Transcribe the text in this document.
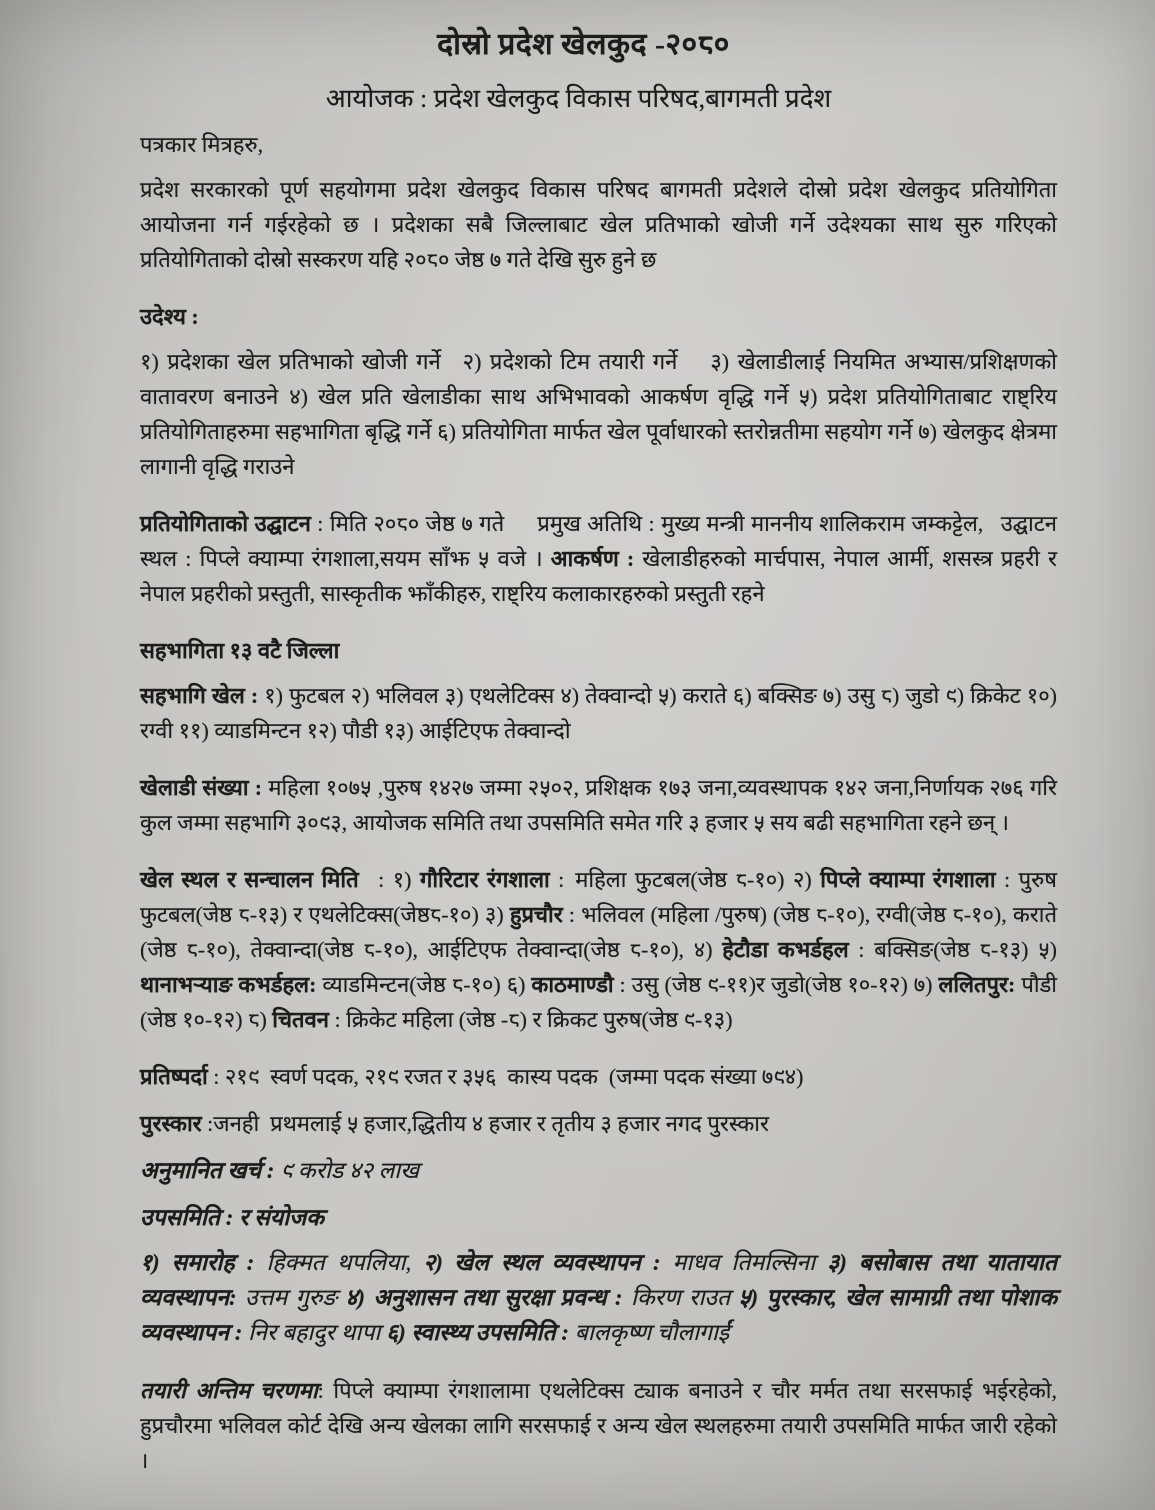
दोस्रो प्रदेश खेलकुद -२०८०
आयोजक : प्रदेश खेलकुद विकास परिषद,बागमती प्रदेश
पत्रकार मित्रहरु,

प्रदेश सरकारको पूर्ण सहयोगमा प्रदेश खेलकुद विकास परिषद बागमती प्रदेशले दोस्रो प्रदेश खेलकुद प्रतियोगिता आयोजना गर्न गईरहेको छ । प्रदेशका सबै जिल्लाबाट खेल प्रतिभाको खोजी गर्ने उदेश्यका साथ सुरु गरिएको प्रतियोगिताको दोस्रो सस्करण यहि २०८० जेष्ठ ७ गते देखि सुरु हुने छ

उदेश्य :

१) प्रदेशका खेल प्रतिभाको खोजी गर्ने २) प्रदेशको टिम तयारी गर्ने  ३) खेलाडीलाई नियमित अभ्यास/प्रशिक्षणको वातावरण बनाउने ४) खेल प्रति खेलाडीका साथ अभिभावको आकर्षण वृद्धि गर्ने ५) प्रदेश प्रतियोगिताबाट राष्ट्रिय प्रतियोगिताहरुमा सहभागिता बृद्धि गर्ने ६) प्रतियोगिता मार्फत खेल पूर्वाधारको स्तरोन्नतीमा सहयोग गर्ने ७) खेलकुद क्षेत्रमा लागानी वृद्धि गराउने

प्रतियोगिताको उद्घाटन : मिति २०८० जेष्ठ ७ गते  प्रमुख अतिथि : मुख्य मन्त्री माननीय शालिकराम जम्कट्टेल,  उद्घाटन स्थल : पिप्ले क्याम्पा रंगशाला,सयम साँझ ५ वजे । आकर्षण : खेलाडीहरुको मार्चपास, नेपाल आर्मी, शसस्त्र प्रहरी र नेपाल प्रहरीको प्रस्तुती, सास्कृतीक झाँकीहरु, राष्ट्रिय कलाकारहरुको प्रस्तुती रहने

सहभागिता १३ वटै जिल्ला

सहभागि खेल : १) फुटबल २) भलिवल ३) एथलेटिक्स ४) तेक्वान्दो ५) कराते ६) बक्सिङ ७) उसु ८) जुडो ९) क्रिकेट १०) रग्वी ११) व्याडमिन्टन १२) पौडी १३) आईटिएफ तेक्वान्दो

खेलाडी संख्या : महिला १०७५ ,पुरुष १४२७ जम्मा २५०२, प्रशिक्षक १७३ जना,व्यवस्थापक १४२ जना,निर्णायक २७६ गरि कुल जम्मा सहभागि ३०९३, आयोजक समिति तथा उपसमिति समेत गरि ३ हजार ५ सय बढी सहभागिता रहने छन् ।

खेल स्थल र सन्चालन मिति  : १) गौरिटार रंगशाला : महिला फुटबल(जेष्ठ ८-१०) २) पिप्ले क्याम्पा रंगशाला : पुरुष फुटबल(जेष्ठ ८-१३) र एथलेटिक्स(जेष्ठ८-१०) ३) हुप्रचौर : भलिवल (महिला /पुरुष) (जेष्ठ ८-१०), रग्वी(जेष्ठ ८-१०), कराते (जेष्ठ ८-१०), तेक्वान्दा(जेष्ठ ८-१०), आईटिएफ तेक्वान्दा(जेष्ठ ८-१०), ४) हेटौडा कभर्डहल : बक्सिङ(जेष्ठ ८-१३) ५) थानाभऱ्याङ कभर्डहल: व्याडमिन्टन(जेष्ठ ८-१०) ६) काठमाण्डौ : उसु (जेष्ठ ९-११)र जुडो(जेष्ठ १०-१२) ७) ललितपुर: पौडी (जेष्ठ १०-१२) ८) चितवन : क्रिकेट महिला (जेष्ठ -८) र क्रिकट पुरुष(जेष्ठ ९-१३)

प्रतिष्पर्दा : २१९ स्वर्ण पदक, २१९ रजत र ३५६ कास्य पदक (जम्मा पदक संख्या ७९४)
पुरस्कार :जनही प्रथमलाई ५ हजार,द्धितीय ४ हजार र तृतीय ३ हजार नगद पुरस्कार
अनुमानित खर्च : ९ करोड ४२ लाख
उपसमिति : र संयोजक

१) समारोह : हिक्मत थपलिया, २) खेल स्थल व्यवस्थापन : माधव तिमल्सिना ३) बसोबास तथा यातायात व्यवस्थापन: उत्तम गुरुङ ४) अनुशासन तथा सुरक्षा प्रवन्ध : किरण राउत ५) पुरस्कार, खेल सामाग्री तथा पोशाक व्यवस्थापन : निर बहादुर थापा ६) स्वास्थ्य उपसमिति : बालकृष्ण चौलागाईं

तयारी अन्तिम चरणमा: पिप्ले क्याम्पा रंगशालामा एथलेटिक्स ट्याक बनाउने र चौर मर्मत तथा सरसफाई भईरहेको, हुप्रचौरमा भलिवल कोर्ट देखि अन्य खेलका लागि सरसफाई र अन्य खेल स्थलहरुमा तयारी उपसमिति मार्फत जारी रहेको ।
